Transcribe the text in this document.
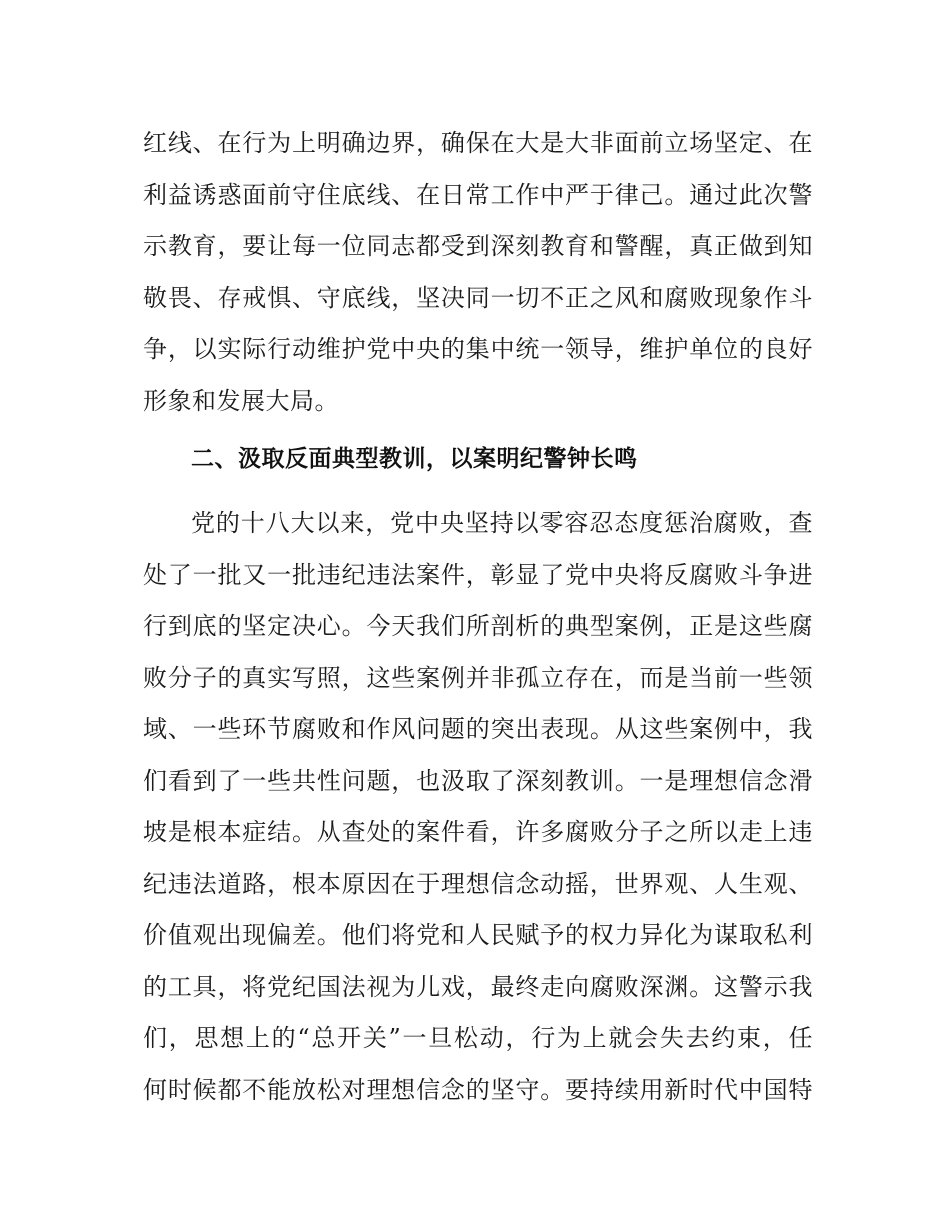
红线、在行为上明确边界，确保在大是大非面前立场坚定、在
利益诱惑面前守住底线、在日常工作中严于律己。通过此次警
示教育，要让每一位同志都受到深刻教育和警醒，真正做到知
敬畏、存戒惧、守底线，坚决同一切不正之风和腐败现象作斗
争，以实际行动维护党中央的集中统一领导，维护单位的良好
形象和发展大局。
二、汲取反面典型教训，以案明纪警钟长鸣
党的十八大以来，党中央坚持以零容忍态度惩治腐败，查
处了一批又一批违纪违法案件，彰显了党中央将反腐败斗争进
行到底的坚定决心。今天我们所剖析的典型案例，正是这些腐
败分子的真实写照，这些案例并非孤立存在，而是当前一些领
域、一些环节腐败和作风问题的突出表现。从这些案例中，我
们看到了一些共性问题，也汲取了深刻教训。一是理想信念滑
坡是根本症结。从查处的案件看，许多腐败分子之所以走上违
纪违法道路，根本原因在于理想信念动摇，世界观、人生观、
价值观出现偏差。他们将党和人民赋予的权力异化为谋取私利
的工具，将党纪国法视为儿戏，最终走向腐败深渊。这警示我
们，思想上的“总开关”一旦松动，行为上就会失去约束，任
何时候都不能放松对理想信念的坚守。要持续用新时代中国特
